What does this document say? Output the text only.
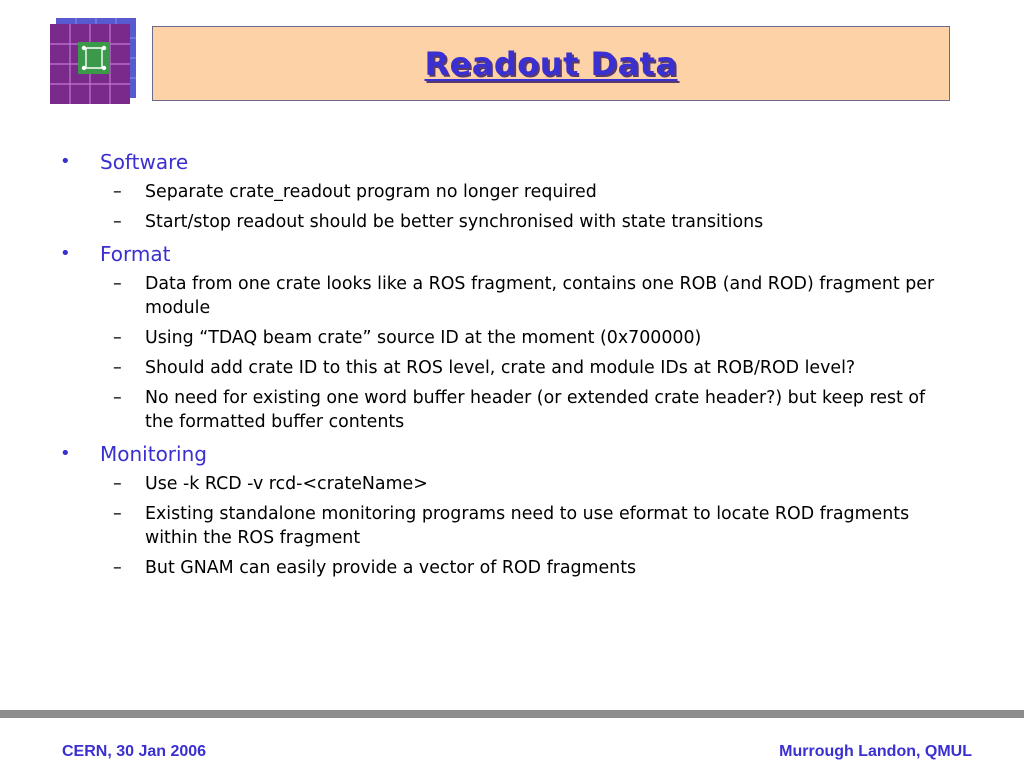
Readout Data
•	Software
–	Separate crate_readout program no longer required
–	Start/stop readout should be better synchronised with state transitions
•	Format
–	Data from one crate looks like a ROS fragment, contains one ROB (and ROD) fragment per module
–	Using “TDAQ beam crate” source ID at the moment (0x700000)
–	Should add crate ID to this at ROS level, crate and module IDs at ROB/ROD level?
–	No need for existing one word buffer header (or extended crate header?) but keep rest of the formatted buffer contents
•	Monitoring
–	Use -k RCD -v rcd-<crateName>
–	Existing standalone monitoring programs need to use eformat to locate ROD fragments within the ROS fragment
–	But GNAM can easily provide a vector of ROD fragments
CERN, 30 Jan 2006	Murrough Landon, QMUL
